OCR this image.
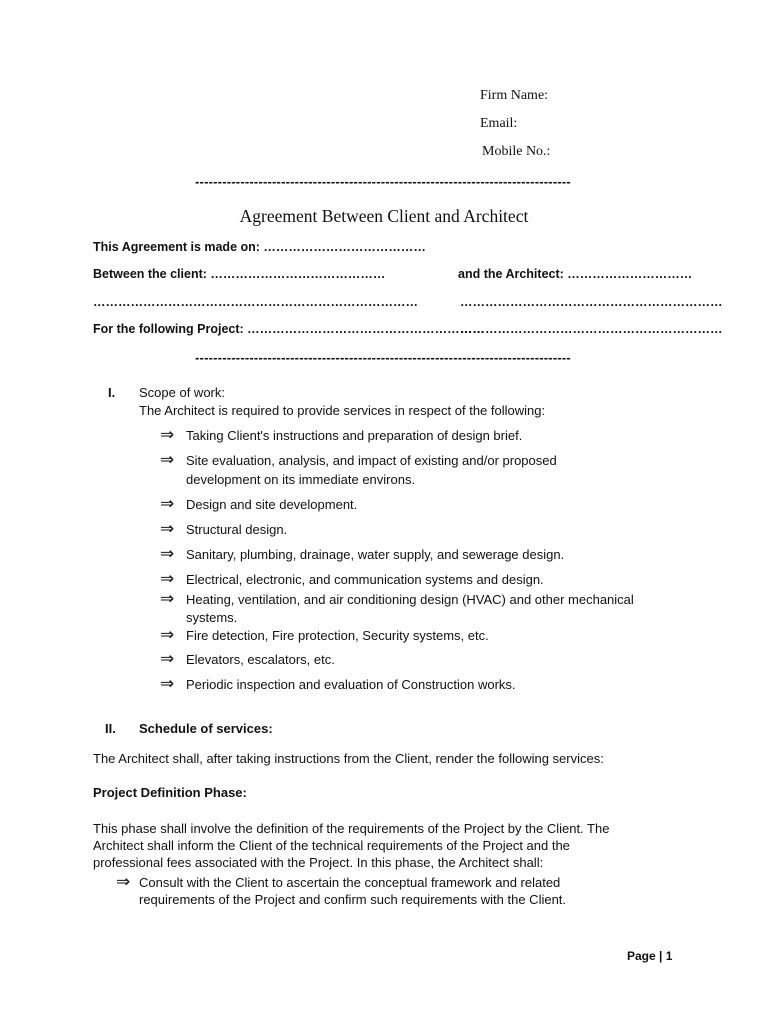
Firm Name:
Email:
Mobile No.:
-----------------------------------------------------------------------------------
Agreement Between Client and Architect
This Agreement is made on: …………………………………
Between the client: ……………………………………	and the Architect: …………………………
……………………………………………………………………	………………………………………………………
For the following Project: …………………………………………………
………………………………………………………
-----------------------------------------------------------------------------------
I. Scope of work:
The Architect is required to provide services in respect of the following:
⇒ Taking Client's instructions and preparation of design brief.
⇒ Site evaluation, analysis, and impact of existing and/or proposed
development on its immediate environs.
⇒ Design and site development.
⇒ Structural design.
⇒ Sanitary, plumbing, drainage, water supply, and sewerage design.
⇒ Electrical, electronic, and communication systems and design.
⇒ Heating, ventilation, and air conditioning design (HVAC) and other mechanical
systems.
⇒ Fire detection, Fire protection, Security systems, etc.
⇒ Elevators, escalators, etc.
⇒ Periodic inspection and evaluation of Construction works.
II. Schedule of services:
The Architect shall, after taking instructions from the Client, render the following services:
Project Definition Phase:
This phase shall involve the definition of the requirements of the Project by the Client. The
Architect shall inform the Client of the technical requirements of the Project and the
professional fees associated with the Project. In this phase, the Architect shall:
⇒ Consult with the Client to ascertain the conceptual framework and related
requirements of the Project and confirm such requirements with the Client.
Page | 1
